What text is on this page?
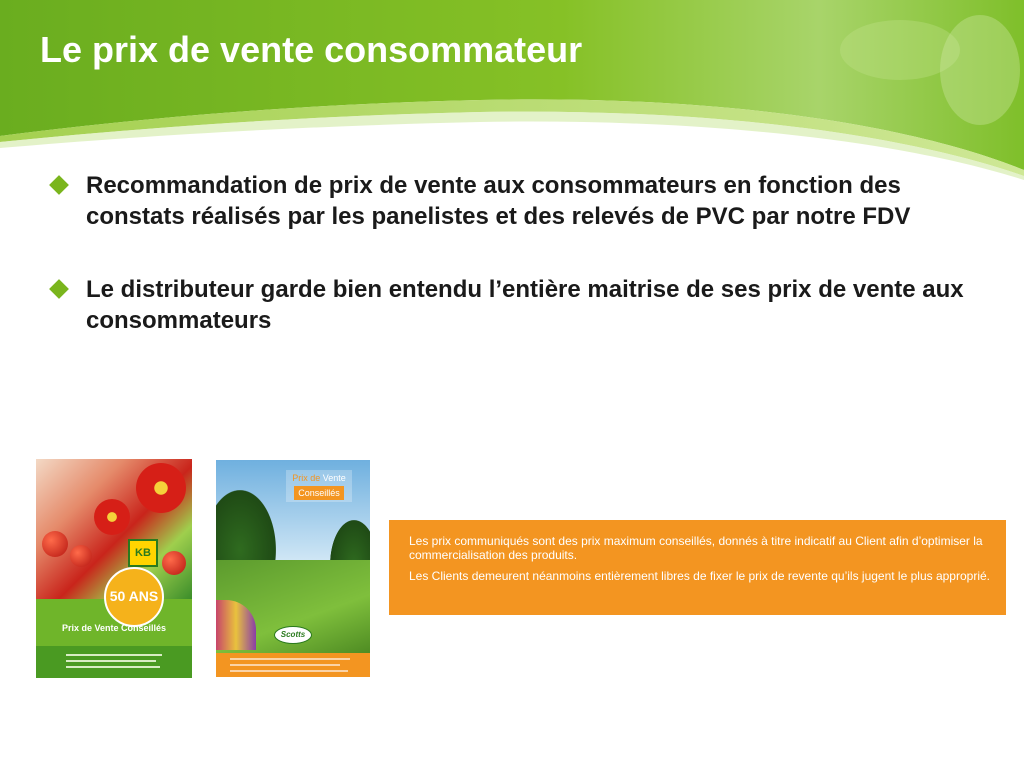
Le prix de vente consommateur
Recommandation de prix de vente aux consommateurs en fonction des constats réalisés par les panelistes et des relevés de PVC par notre FDV
Le distributeur garde bien entendu l’entière maitrise de ses prix de vente aux consommateurs
KB
50 ANS
Prix de Vente Conseillés
Prix de Vente
Conseillés
Scotts

Les prix communiqués sont des prix maximum conseillés, donnés à titre indicatif au Client afin d’optimiser la commercialisation des produits.

Les Clients demeurent néanmoins entièrement libres de fixer le prix de revente qu’ils jugent le plus approprié.
